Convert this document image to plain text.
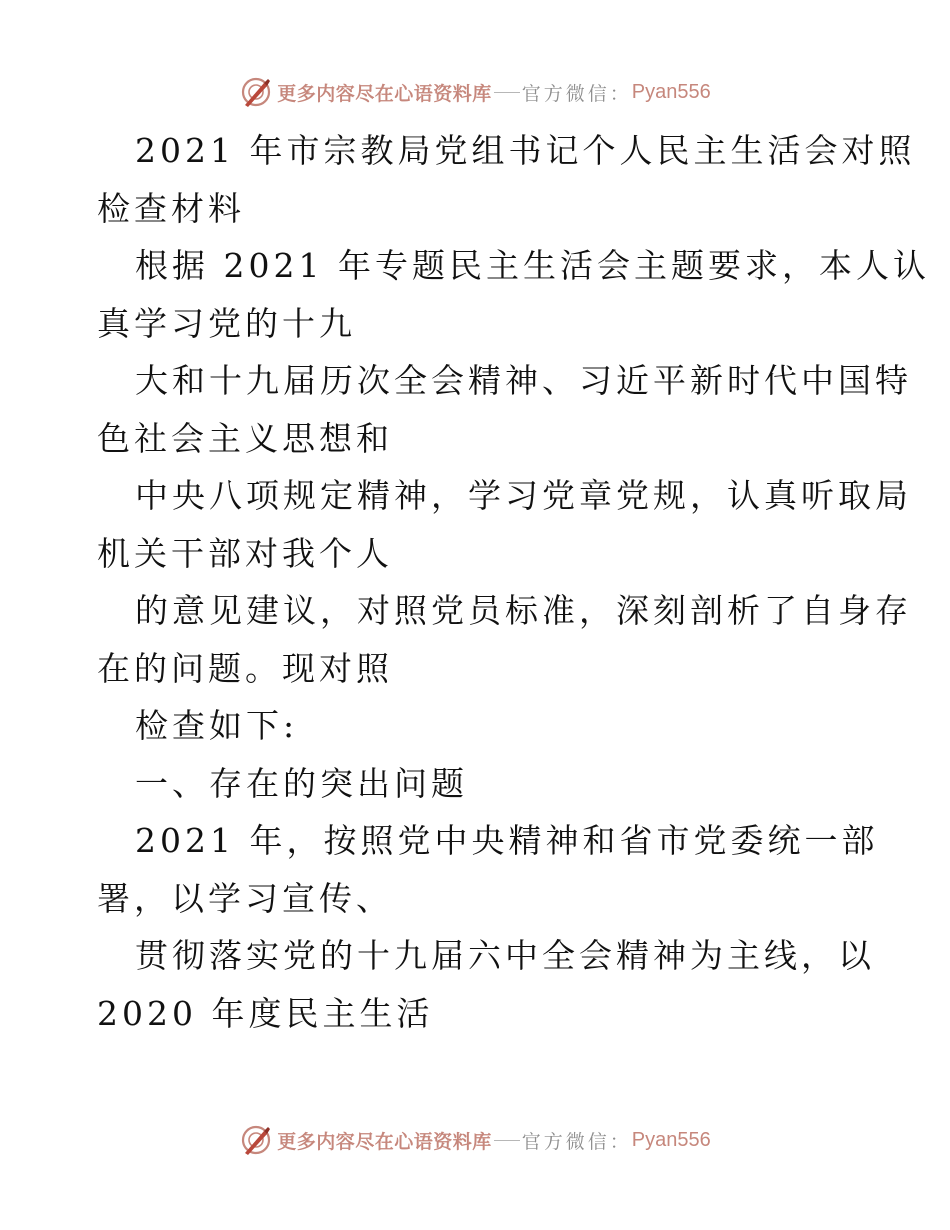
更多内容尽在心语资料库 官方微信： Pyan556
2021 年市宗教局党组书记个人民主生活会对照
检查材料
根据 2021 年专题民主生活会主题要求，本人认
真学习党的十九
大和十九届历次全会精神、习近平新时代中国特
色社会主义思想和
中央八项规定精神，学习党章党规，认真听取局
机关干部对我个人
的意见建议，对照党员标准，深刻剖析了自身存
在的问题。现对照
检查如下:
一、存在的突出问题
2021 年，按照党中央精神和省市党委统一部
署，以学习宣传、
贯彻落实党的十九届六中全会精神为主线，以
2020 年度民主生活
更多内容尽在心语资料库 官方微信： Pyan556
